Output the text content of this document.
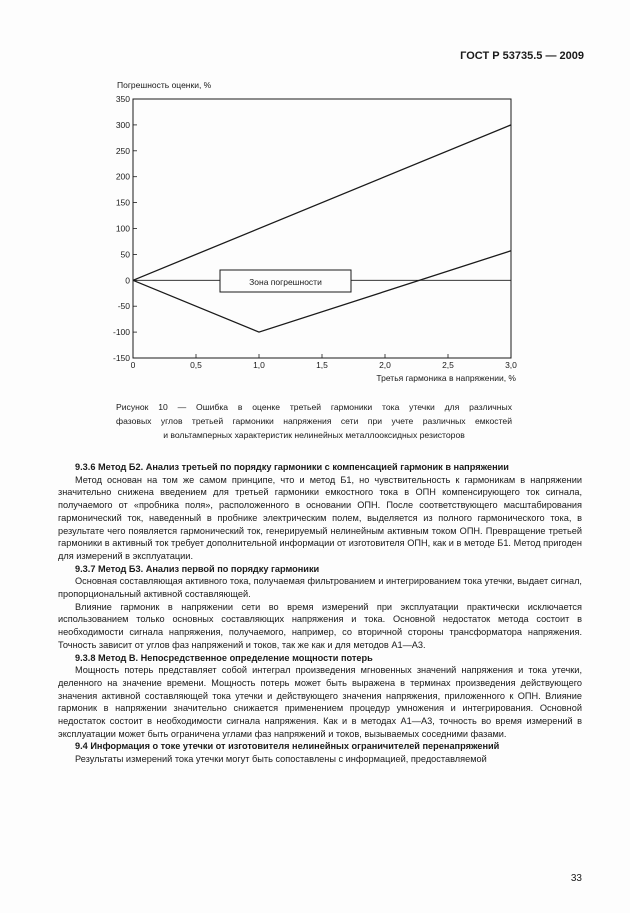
ГОСТ Р 53735.5 — 2009
Погрешность оценки, %
Третья гармоника в напряжении, %
350
300
250
200
150
100
50
0
-50
-100
-150
0	0,5	1,0	1,5	2,0	2,5	3,0
Зона погрешности
Рисунок 10 — Ошибка в оценке третьей гармоники тока утечки для различных
фазовых углов третьей гармоники напряжения сети при учете различных емкостей
и вольтамперных характеристик нелинейных металлооксидных резисторов
9.3.6 Метод Б2. Анализ третьей по порядку гармоники с компенсацией гармоник в напряжении

Метод основан на том же самом принципе, что и метод Б1, но чувствительность к гармоникам в напряжении значительно снижена введением для третьей гармоники емкостного тока в ОПН компенсирующего ток сигнала, получаемого от «пробника поля», расположенного в основании ОПН. После соответствующего масштабирования гармонический ток, наведенный в пробнике электрическим полем, выделяется из полного гармонического тока, в результате чего появляется гармонический ток, генерируемый нелинейным активным током ОПН. Превращение третьей гармоники в активный ток требует дополнительной информации от изготовителя ОПН, как и в методе Б1. Метод пригоден для измерений в эксплуатации.

9.3.7 Метод Б3. Анализ первой по порядку гармоники

Основная составляющая активного тока, получаемая фильтрованием и интегрированием тока утечки, выдает сигнал, пропорциональный активной составляющей.

Влияние гармоник в напряжении сети во время измерений при эксплуатации практически исключается использованием только основных составляющих напряжения и тока. Основной недостаток метода состоит в необходимости сигнала напряжения, получаемого, например, со вторичной стороны трансформатора напряжения. Точность зависит от углов фаз напряжений и токов, так же как и для методов А1—А3.

9.3.8 Метод В. Непосредственное определение мощности потерь

Мощность потерь представляет собой интеграл произведения мгновенных значений напряжения и тока утечки, деленного на значение времени. Мощность потерь может быть выражена в терминах произведения действующего значения активной составляющей тока утечки и действующего значения напряжения, приложенного к ОПН. Влияние гармоник в напряжении значительно снижается применением процедур умножения и интегрирования. Основной недостаток состоит в необходимости сигнала напряжения. Как и в методах А1—А3, точность во время измерений в эксплуатации может быть ограничена углами фаз напряжений и токов, вызываемых соседними фазами.

9.4 Информация о токе утечки от изготовителя нелинейных ограничителей перенапряжений

Результаты измерений тока утечки могут быть сопоставлены с информацией, предоставляемой

33
